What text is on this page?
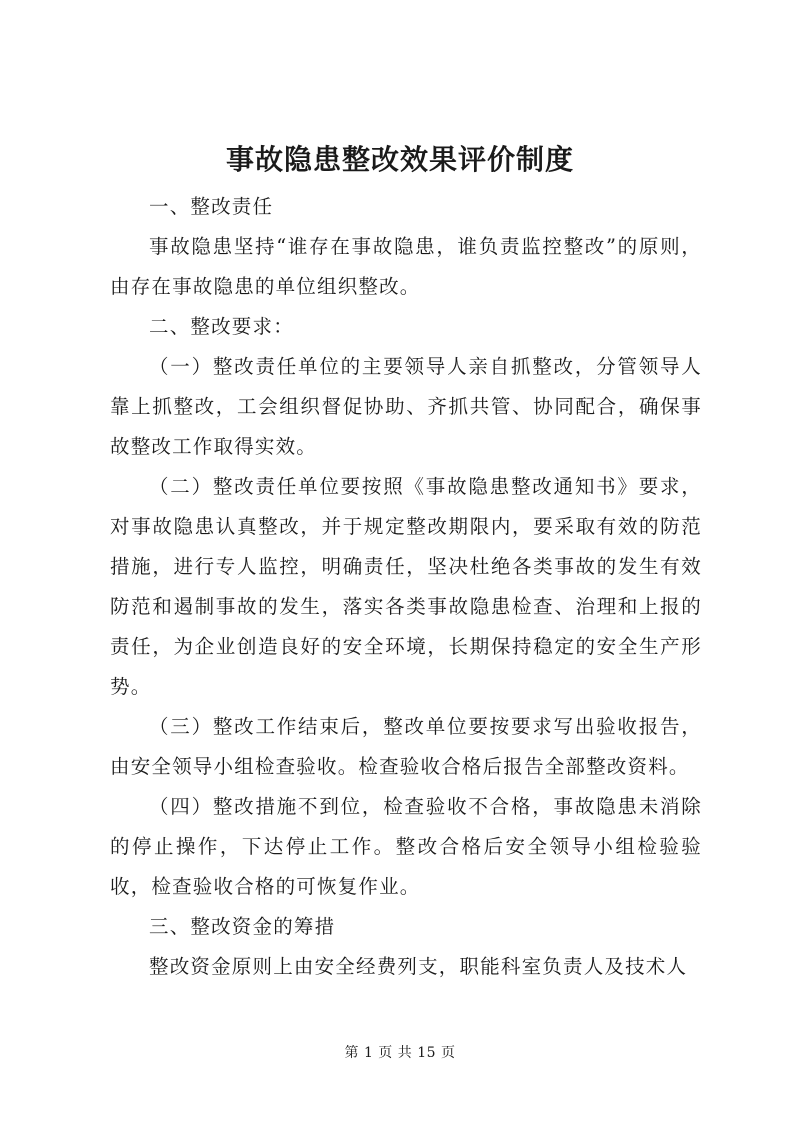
事故隐患整改效果评价制度

一、整改责任

事故隐患坚持“谁存在事故隐患，谁负责监控整改”的原则，由存在事故隐患的单位组织整改。

二、整改要求：

（一）整改责任单位的主要领导人亲自抓整改，分管领导人靠上抓整改，工会组织督促协助、齐抓共管、协同配合，确保事故整改工作取得实效。

（二）整改责任单位要按照《事故隐患整改通知书》要求，对事故隐患认真整改，并于规定整改期限内，要采取有效的防范措施，进行专人监控，明确责任，坚决杜绝各类事故的发生有效防范和遏制事故的发生，落实各类事故隐患检查、治理和上报的责任，为企业创造良好的安全环境，长期保持稳定的安全生产形势。

（三）整改工作结束后，整改单位要按要求写出验收报告，由安全领导小组检查验收。检查验收合格后报告全部整改资料。

（四）整改措施不到位，检查验收不合格，事故隐患未消除的停止操作，下达停止工作。整改合格后安全领导小组检验验收，检查验收合格的可恢复作业。

三、整改资金的筹措

整改资金原则上由安全经费列支，职能科室负责人及技术人

第 1 页 共 15 页
